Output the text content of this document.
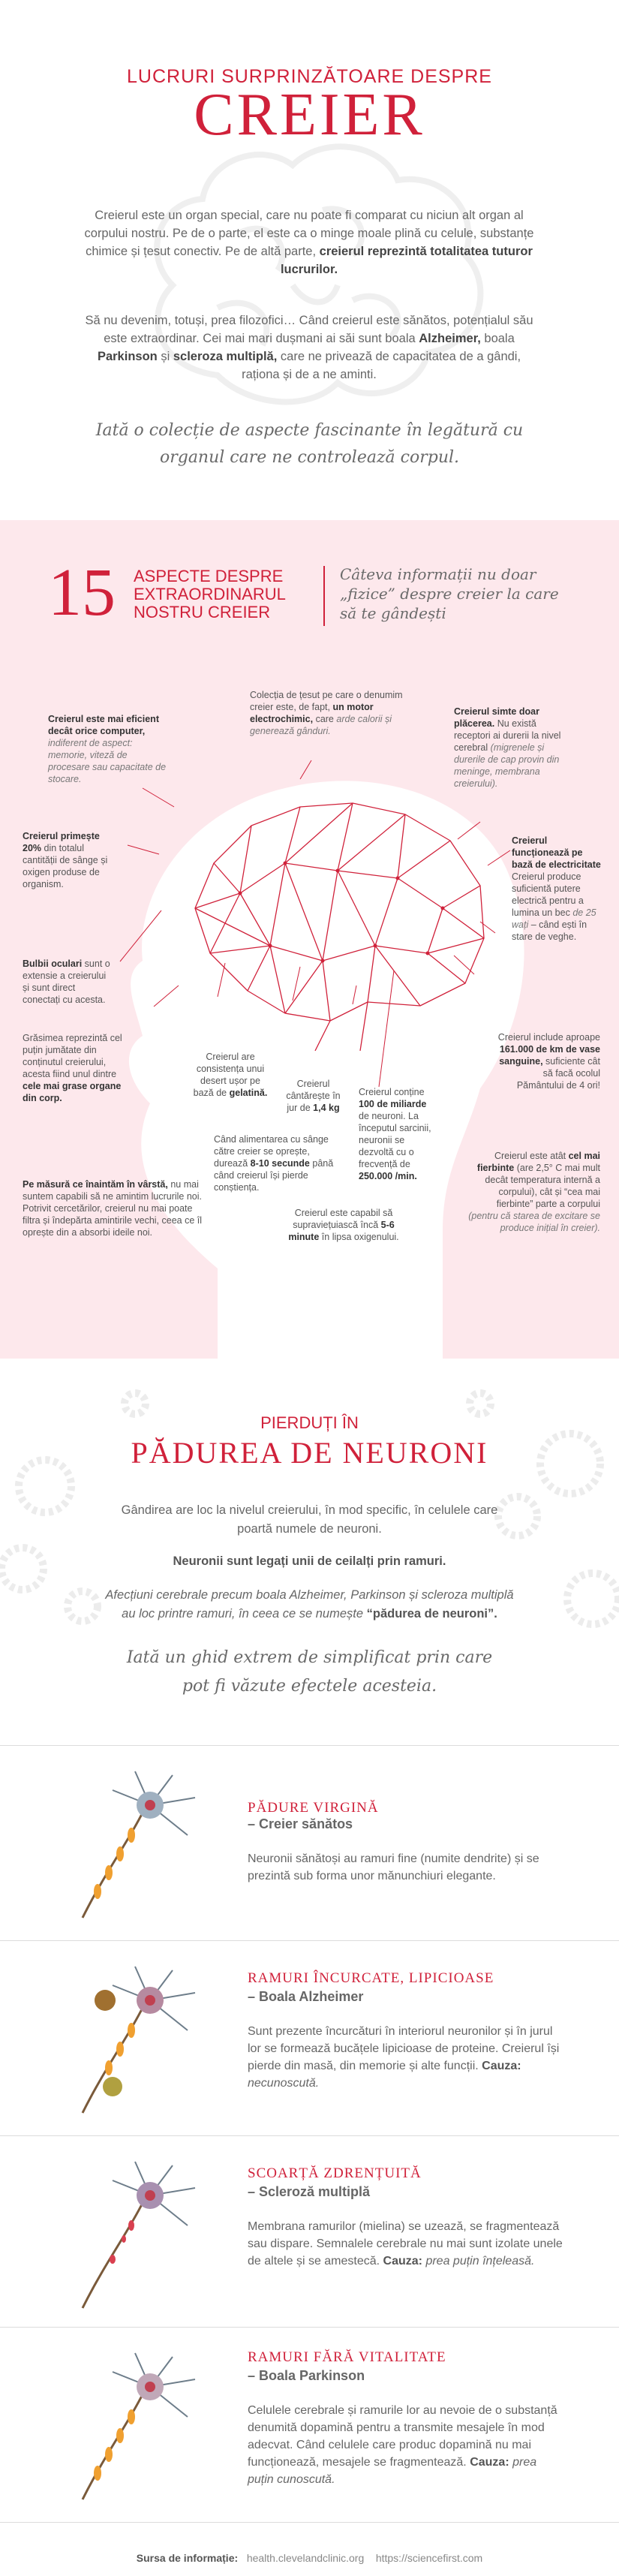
LUCRURI SURPRINZĂTOARE DESPRE
CREIER
Creierul este un organ special, care nu poate fi comparat cu niciun alt organ al corpului nostru. Pe de o parte, el este ca o minge moale plină cu celule, substanțe chimice și țesut conectiv. Pe de altă parte, creierul reprezintă totalitatea tuturor lucrurilor.
Să nu devenim, totuși, prea filozofici… Când creierul este sănătos, potențialul său este extraordinar. Cei mai mari dușmani ai săi sunt boala Alzheimer, boala Parkinson și scleroza multiplă, care ne privează de capacitatea de a gândi, raționa și de a ne aminti.
Iată o colecție de aspecte fascinante în legătură cu organul care ne controlează corpul.
15 ASPECTE DESPRE EXTRAORDINARUL NOSTRU CREIER
Câteva informații nu doar „fizice” despre creier la care să te gândești
Creierul este mai eficient decât orice computer, indiferent de aspect: memorie, viteză de procesare sau capacitate de stocare.
Colecția de țesut pe care o denumim creier este, de fapt, un motor electrochimic, care arde calorii și generează gânduri.
Creierul simte doar plăcerea. Nu există receptori ai durerii la nivel cerebral (migrenele și durerile de cap provin din meninge, membrana creierului).
Creierul primește 20% din totalul cantității de sânge și oxigen produse de organism.
Creierul funcționează pe bază de electricitate Creierul produce suficientă putere electrică pentru a lumina un bec de 25 wați – când ești în stare de veghe.
Bulbii oculari sunt o extensie a creierului și sunt direct conectați cu acesta.
Creierul include aproape 161.000 de km de vase sanguine, suficiente cât să facă ocolul Pământului de 4 ori!
Grăsimea reprezintă cel puțin jumătate din conținutul creierului, acesta fiind unul dintre cele mai grase organe din corp.
Creierul are consistența unui desert ușor pe bază de gelatină.
Creierul cântărește în jur de 1,4 kg
Creierul conține 100 de miliarde de neuroni. La începutul sarcinii, neuronii se dezvoltă cu o frecvență de 250.000 /min.
Creierul este atât cel mai fierbinte (are 2,5° C mai mult decât temperatura internă a corpului), cât și “cea mai fierbinte” parte a corpului (pentru că starea de excitare se produce inițial în creier).
Când alimentarea cu sânge către creier se oprește, durează 8-10 secunde până când creierul își pierde conștiența.
Creierul este capabil să supraviețuiască încă 5-6 minute în lipsa oxigenului.
Pe măsură ce înaintăm în vârstă, nu mai suntem capabili să ne amintim lucrurile noi. Potrivit cercetărilor, creierul nu mai poate filtra și îndepărta amintirile vechi, ceea ce îl oprește din a absorbi ideile noi.
PIERDUȚI ÎN
PĂDUREA DE NEURONI
Gândirea are loc la nivelul creierului, în mod specific, în celulele care poartă numele de neuroni.
Neuronii sunt legați unii de ceilalți prin ramuri.
Afecțiuni cerebrale precum boala Alzheimer, Parkinson și scleroza multiplă au loc printre ramuri, în ceea ce se numește “pădurea de neuroni”.
Iată un ghid extrem de simplificat prin care pot fi văzute efectele acesteia.
PĂDURE VIRGINĂ
– Creier sănătos
Neuronii sănătoși au ramuri fine (numite dendrite) și se prezintă sub forma unor mănunchiuri elegante.
RAMURI ÎNCURCATE, LIPICIOASE
– Boala Alzheimer
Sunt prezente încurcături în interiorul neuronilor și în jurul lor se formează bucățele lipicioase de proteine. Creierul își pierde din masă, din memorie și alte funcții. Cauza: necunoscută.
SCOARȚĂ ZDRENȚUITĂ
– Scleroză multiplă
Membrana ramurilor (mielina) se uzează, se fragmentează sau dispare. Semnalele cerebrale nu mai sunt izolate unele de altele și se amestecă. Cauza: prea puțin înțeleasă.
RAMURI FĂRĂ VITALITATE
– Boala Parkinson
Celulele cerebrale și ramurile lor au nevoie de o substanță denumită dopamină pentru a transmite mesajele în mod adecvat. Când celulele care produc dopamină nu mai funcționează, mesajele se fragmentează. Cauza: prea puțin cunoscută.
Sursa de informație: health.clevelandclinic.org https://sciencefirst.com
